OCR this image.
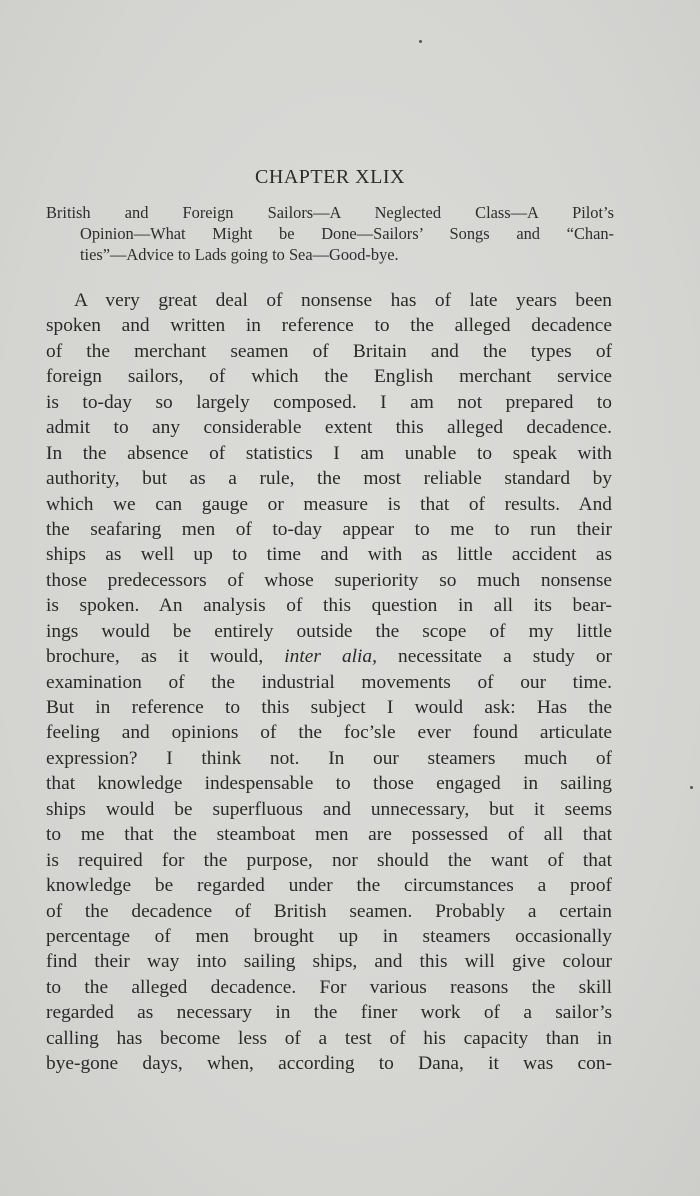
CHAPTER XLIX
British and Foreign Sailors—A Neglected Class—A Pilot’s
Opinion—What Might be Done—Sailors’ Songs and “Chan-
ties”—Advice to Lads going to Sea—Good-bye.
A very great deal of nonsense has of late years been
spoken and written in reference to the alleged decadence
of the merchant seamen of Britain and the types of
foreign sailors, of which the English merchant service
is to-day so largely composed. I am not prepared to
admit to any considerable extent this alleged decadence.
In the absence of statistics I am unable to speak with
authority, but as a rule, the most reliable standard by
which we can gauge or measure is that of results. And
the seafaring men of to-day appear to me to run their
ships as well up to time and with as little accident as
those predecessors of whose superiority so much nonsense
is spoken. An analysis of this question in all its bear-
ings would be entirely outside the scope of my little
brochure, as it would, inter alia, necessitate a study or
examination of the industrial movements of our time.
But in reference to this subject I would ask: Has the
feeling and opinions of the foc’sle ever found articulate
expression? I think not. In our steamers much of
that knowledge indespensable to those engaged in sailing
ships would be superfluous and unnecessary, but it seems
to me that the steamboat men are possessed of all that
is required for the purpose, nor should the want of that
knowledge be regarded under the circumstances a proof
of the decadence of British seamen. Probably a certain
percentage of men brought up in steamers occasionally
find their way into sailing ships, and this will give colour
to the alleged decadence. For various reasons the skill
regarded as necessary in the finer work of a sailor’s
calling has become less of a test of his capacity than in
bye-gone days, when, according to Dana, it was con-
